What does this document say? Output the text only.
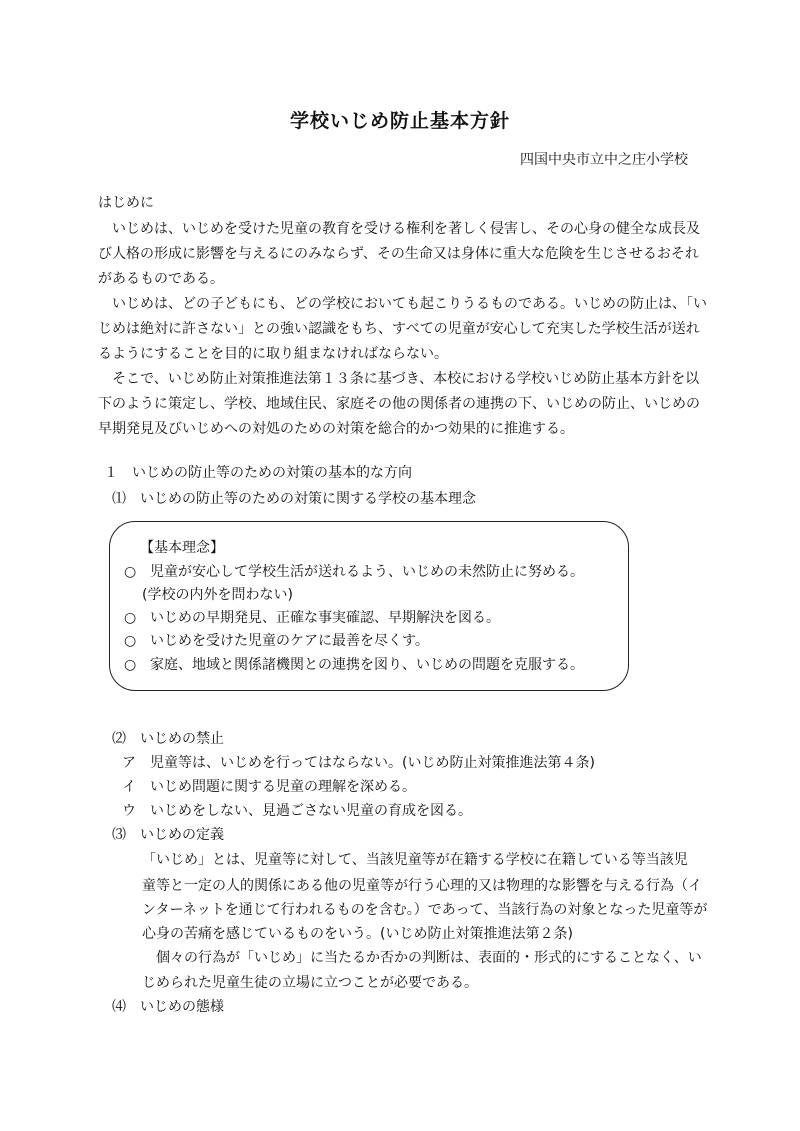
学校いじめ防止基本方針
四国中央市立中之庄小学校
はじめに
いじめは、いじめを受けた児童の教育を受ける権利を著しく侵害し、その心身の健全な成長及
び人格の形成に影響を与えるにのみならず、その生命又は身体に重大な危険を生じさせるおそれ
があるものである。
いじめは、どの子どもにも、どの学校においても起こりうるものである。いじめの防止は、「い
じめは絶対に許さない」との強い認識をもち、すべての児童が安心して充実した学校生活が送れ
るようにすることを目的に取り組まなければならない。
そこで、いじめ防止対策推進法第１３条に基づき、本校における学校いじめ防止基本方針を以
下のように策定し、学校、地域住民、家庭その他の関係者の連携の下、いじめの防止、いじめの
早期発見及びいじめへの対処のための対策を総合的かつ効果的に推進する。
１　いじめの防止等のための対策の基本的な方向
⑴　いじめの防止等のための対策に関する学校の基本理念
【基本理念】
○ 児童が安心して学校生活が送れるよう、いじめの未然防止に努める。
(学校の内外を問わない)
○ いじめの早期発見、正確な事実確認、早期解決を図る。
○ いじめを受けた児童のケアに最善を尽くす。
○ 家庭、地域と関係諸機関との連携を図り、いじめの問題を克服する。
⑵　いじめの禁止
ア　児童等は、いじめを行ってはならない。(いじめ防止対策推進法第４条)
イ　いじめ問題に関する児童の理解を深める。
ウ　いじめをしない、見過ごさない児童の育成を図る。
⑶　いじめの定義
「いじめ」とは、児童等に対して、当該児童等が在籍する学校に在籍している等当該児
童等と一定の人的関係にある他の児童等が行う心理的又は物理的な影響を与える行為（イ
ンターネットを通じて行われるものを含む。）であって、当該行為の対象となった児童等が
心身の苦痛を感じているものをいう。(いじめ防止対策推進法第２条)
個々の行為が「いじめ」に当たるか否かの判断は、表面的・形式的にすることなく、い
じめられた児童生徒の立場に立つことが必要である。
⑷　いじめの態様
